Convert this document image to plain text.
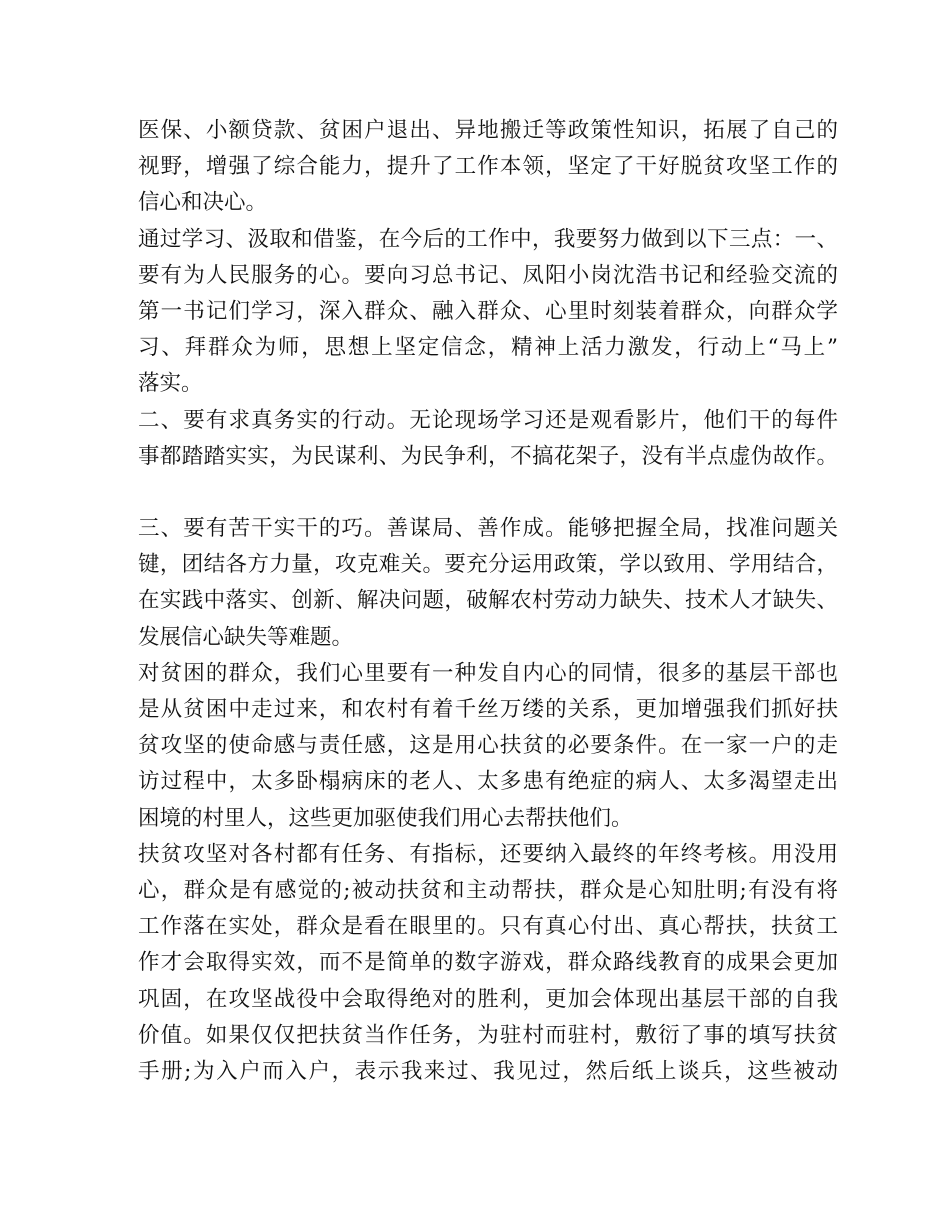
医保、小额贷款、贫困户退出、异地搬迁等政策性知识，拓展了自己的
视野，增强了综合能力，提升了工作本领，坚定了干好脱贫攻坚工作的
信心和决心。
通过学习、汲取和借鉴，在今后的工作中，我要努力做到以下三点：一、
要有为人民服务的心。要向习总书记、凤阳小岗沈浩书记和经验交流的
第一书记们学习，深入群众、融入群众、心里时刻装着群众，向群众学
习、拜群众为师，思想上坚定信念，精神上活力激发，行动上“马上”
落实。
二、要有求真务实的行动。无论现场学习还是观看影片，他们干的每件
事都踏踏实实，为民谋利、为民争利，不搞花架子，没有半点虚伪故作。
三、要有苦干实干的巧。善谋局、善作成。能够把握全局，找准问题关
键，团结各方力量，攻克难关。要充分运用政策，学以致用、学用结合，
在实践中落实、创新、解决问题，破解农村劳动力缺失、技术人才缺失、
发展信心缺失等难题。
对贫困的群众，我们心里要有一种发自内心的同情，很多的基层干部也
是从贫困中走过来，和农村有着千丝万缕的关系，更加增强我们抓好扶
贫攻坚的使命感与责任感，这是用心扶贫的必要条件。在一家一户的走
访过程中，太多卧榻病床的老人、太多患有绝症的病人、太多渴望走出
困境的村里人，这些更加驱使我们用心去帮扶他们。
扶贫攻坚对各村都有任务、有指标，还要纳入最终的年终考核。用没用
心，群众是有感觉的;被动扶贫和主动帮扶，群众是心知肚明;有没有将
工作落在实处，群众是看在眼里的。只有真心付出、真心帮扶，扶贫工
作才会取得实效，而不是简单的数字游戏，群众路线教育的成果会更加
巩固，在攻坚战役中会取得绝对的胜利，更加会体现出基层干部的自我
价值。如果仅仅把扶贫当作任务，为驻村而驻村，敷衍了事的填写扶贫
手册;为入户而入户，表示我来过、我见过，然后纸上谈兵，这些被动
